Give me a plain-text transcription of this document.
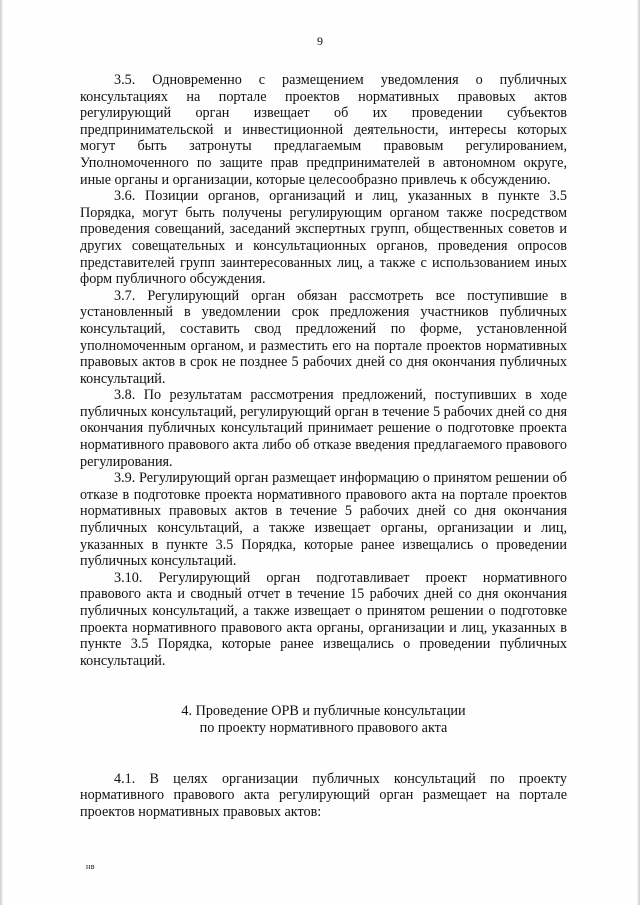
9

3.5. Одновременно с размещением уведомления о публичных консультациях на портале проектов нормативных правовых актов регулирующий орган извещает об их проведении субъектов предпринимательской и инвестиционной деятельности, интересы которых могут быть затронуты предлагаемым правовым регулированием, Уполномоченного по защите прав предпринимателей в автономном округе, иные органы и организации, которые целесообразно привлечь к обсуждению.

3.6. Позиции органов, организаций и лиц, указанных в пункте 3.5 Порядка, могут быть получены регулирующим органом также посредством проведения совещаний, заседаний экспертных групп, общественных советов и других совещательных и консультационных органов, проведения опросов представителей групп заинтересованных лиц, а также с использованием иных форм публичного обсуждения.

3.7. Регулирующий орган обязан рассмотреть все поступившие в установленный в уведомлении срок предложения участников публичных консультаций, составить свод предложений по форме, установленной уполномоченным органом, и разместить его на портале проектов нормативных правовых актов в срок не позднее 5 рабочих дней со дня окончания публичных консультаций.

3.8. По результатам рассмотрения предложений, поступивших в ходе публичных консультаций, регулирующий орган в течение 5 рабочих дней со дня окончания публичных консультаций принимает решение о подготовке проекта нормативного правового акта либо об отказе введения предлагаемого правового регулирования.

3.9. Регулирующий орган размещает информацию о принятом решении об отказе в подготовке проекта нормативного правового акта на портале проектов нормативных правовых актов в течение 5 рабочих дней со дня окончания публичных консультаций, а также извещает органы, организации и лиц, указанных в пункте 3.5 Порядка, которые ранее извещались о проведении публичных консультаций.

3.10. Регулирующий орган подготавливает проект нормативного правового акта и сводный отчет в течение 15 рабочих дней со дня окончания публичных консультаций, а также извещает о принятом решении о подготовке проекта нормативного правового акта органы, организации и лиц, указанных в пункте 3.5 Порядка, которые ранее извещались о проведении публичных консультаций.

4. Проведение ОРВ и публичные консультации
по проекту нормативного правового акта

4.1. В целях организации публичных консультаций по проекту нормативного правового акта регулирующий орган размещает на портале проектов нормативных правовых актов:

нв
